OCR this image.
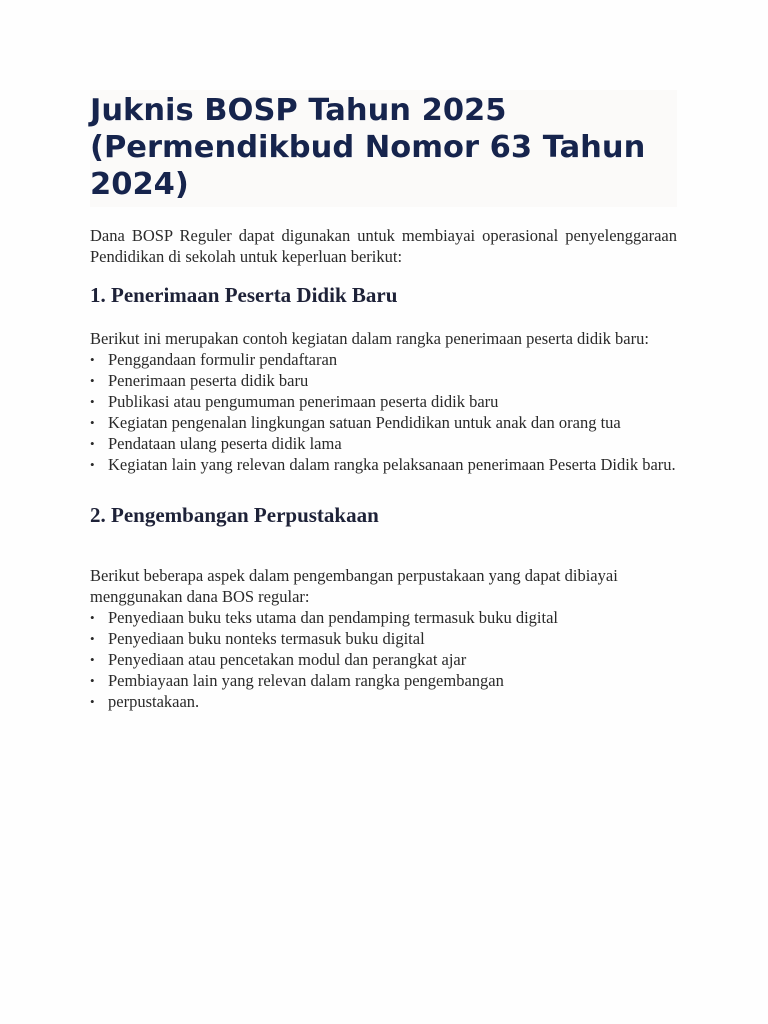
Juknis BOSP Tahun 2025 (Permendikbud Nomor 63 Tahun 2024)

Dana BOSP Reguler dapat digunakan untuk membiayai operasional penyelenggaraan Pendidikan di sekolah untuk keperluan berikut:

1. Penerimaan Peserta Didik Baru

Berikut ini merupakan contoh kegiatan dalam rangka penerimaan peserta didik baru:

• Penggandaan formulir pendaftaran
• Penerimaan peserta didik baru
• Publikasi atau pengumuman penerimaan peserta didik baru
• Kegiatan pengenalan lingkungan satuan Pendidikan untuk anak dan orang tua
• Pendataan ulang peserta didik lama
• Kegiatan lain yang relevan dalam rangka pelaksanaan penerimaan Peserta Didik baru.
2. Pengembangan Perpustakaan

Berikut beberapa aspek dalam pengembangan perpustakaan yang dapat dibiayai menggunakan dana BOS regular:

• Penyediaan buku teks utama dan pendamping termasuk buku digital
• Penyediaan buku nonteks termasuk buku digital
• Penyediaan atau pencetakan modul dan perangkat ajar
• Pembiayaan lain yang relevan dalam rangka pengembangan
• perpustakaan.
